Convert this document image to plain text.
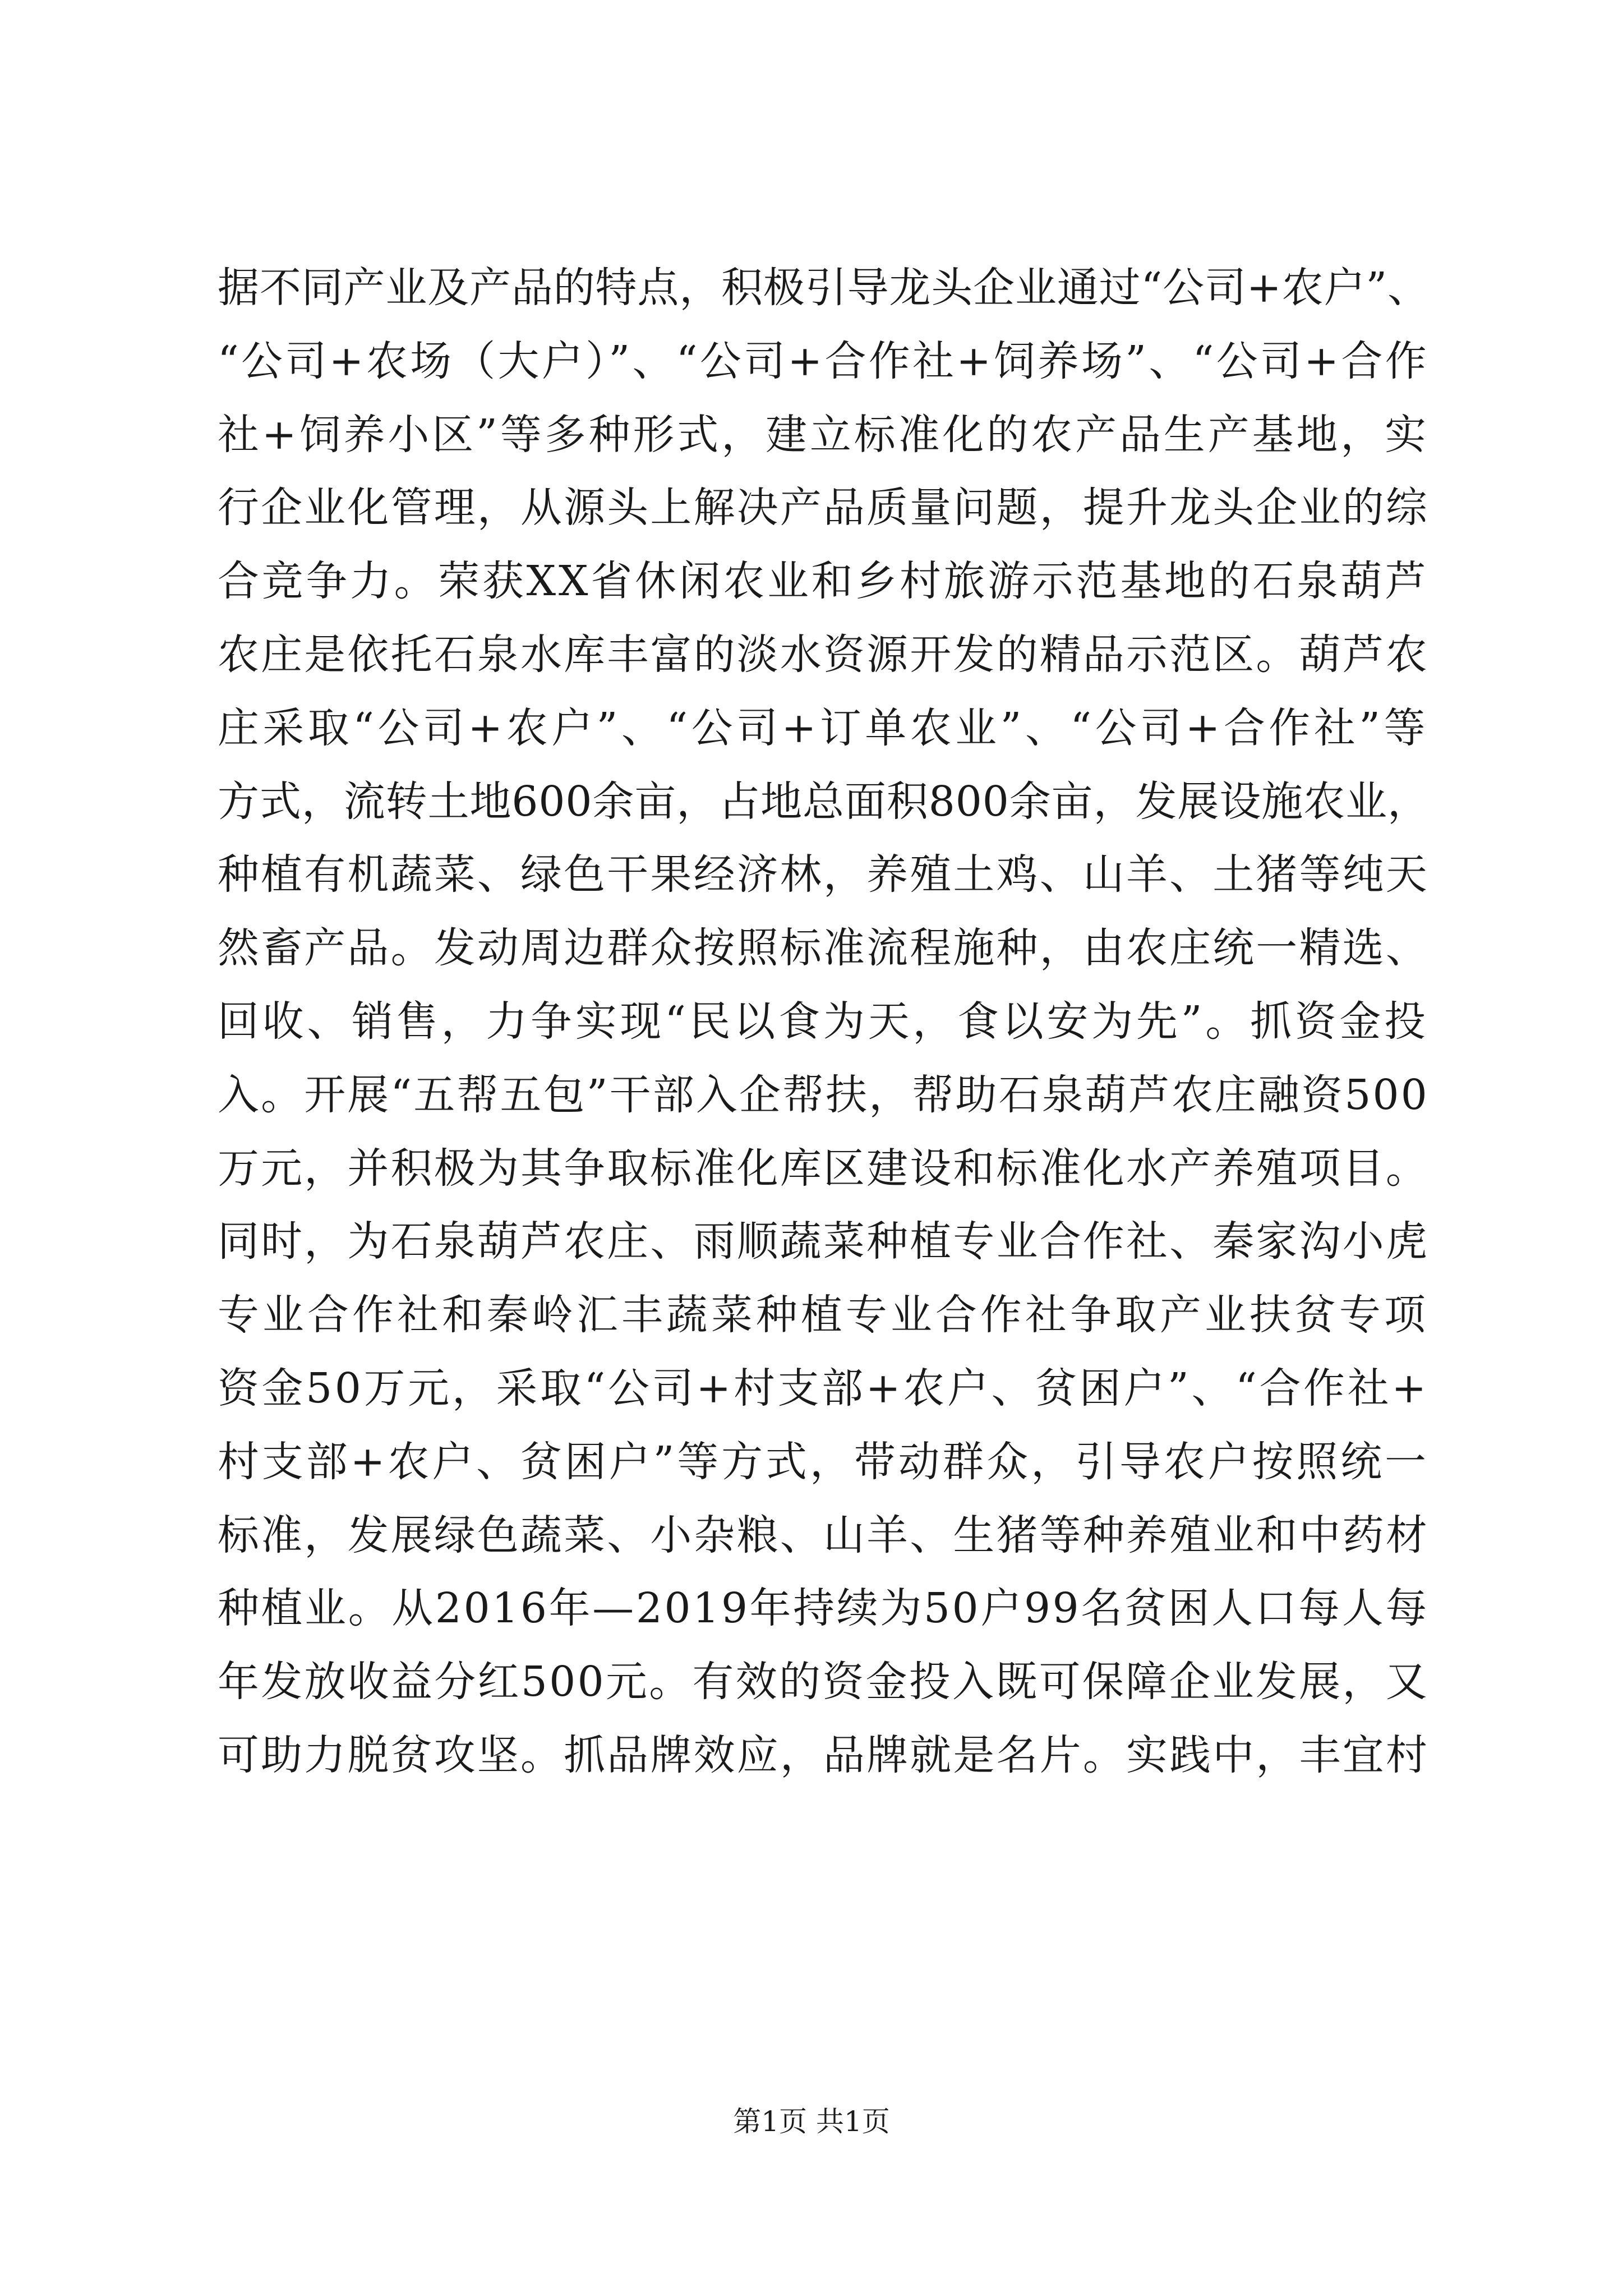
据不同产业及产品的特点，积极引导龙头企业通过“公司+农户”、
“公司+农场（大户）”、“公司+合作社+饲养场”、“公司+合作
社+饲养小区”等多种形式，建立标准化的农产品生产基地，实
行企业化管理，从源头上解决产品质量问题，提升龙头企业的综
合竞争力。荣获XX省休闲农业和乡村旅游示范基地的石泉葫芦
农庄是依托石泉水库丰富的淡水资源开发的精品示范区。葫芦农
庄采取“公司+农户”、“公司+订单农业”、“公司+合作社”等
方式，流转土地600余亩，占地总面积800余亩，发展设施农业，
种植有机蔬菜、绿色干果经济林，养殖土鸡、山羊、土猪等纯天
然畜产品。发动周边群众按照标准流程施种，由农庄统一精选、
回收、销售，力争实现“民以食为天，食以安为先”。抓资金投
入。开展“五帮五包”干部入企帮扶，帮助石泉葫芦农庄融资500
万元，并积极为其争取标准化库区建设和标准化水产养殖项目。
同时，为石泉葫芦农庄、雨顺蔬菜种植专业合作社、秦家沟小虎
专业合作社和秦岭汇丰蔬菜种植专业合作社争取产业扶贫专项
资金50万元，采取“公司+村支部+农户、贫困户”、“合作社+
村支部+农户、贫困户”等方式，带动群众，引导农户按照统一
标准，发展绿色蔬菜、小杂粮、山羊、生猪等种养殖业和中药材
种植业。从2016年—2019年持续为50户99名贫困人口每人每
年发放收益分红500元。有效的资金投入既可保障企业发展，又
可助力脱贫攻坚。抓品牌效应，品牌就是名片。实践中，丰宜村
第1页 共1页
